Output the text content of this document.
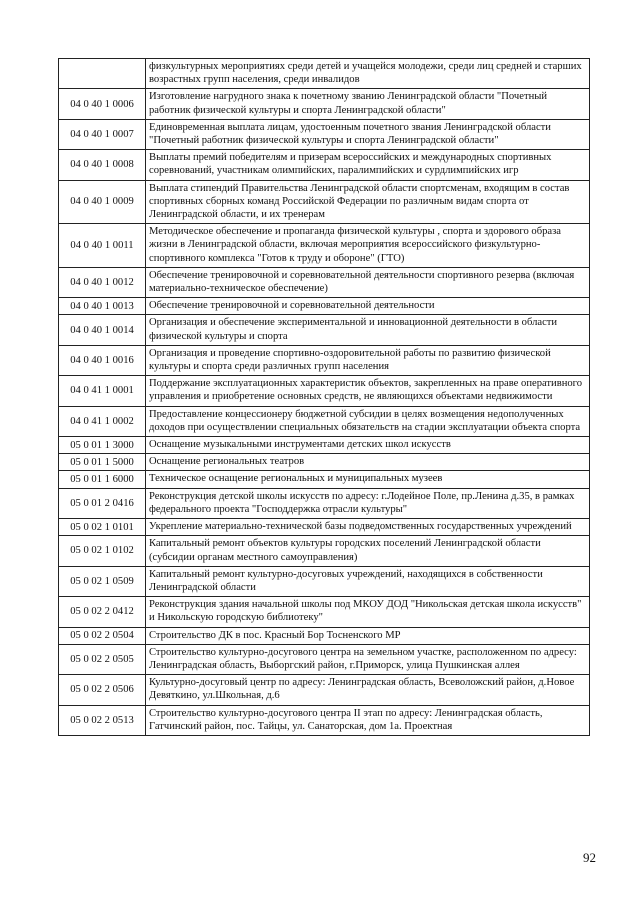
	физкультурных мероприятиях среди детей и учащейся молодежи, среди лиц средней и старших возрастных групп населения, среди инвалидов
04 0 40 1 0006	Изготовление нагрудного знака к почетному званию Ленинградской области "Почетный работник физической культуры и спорта Ленинградской области"
04 0 40 1 0007	Единовременная выплата лицам, удостоенным почетного звания Ленинградской области "Почетный работник физической культуры и спорта Ленинградской области"
04 0 40 1 0008	Выплаты премий победителям и призерам всероссийских и международных спортивных соревнований, участникам олимпийских, паралимпийских и сурдлимпийских игр
04 0 40 1 0009	Выплата стипендий Правительства Ленинградской области спортсменам, входящим в состав спортивных сборных команд Российской Федерации по различным видам спорта от Ленинградской области, и их тренерам
04 0 40 1 0011	Методическое обеспечение и пропаганда физической культуры , спорта и здорового образа жизни в Ленинградской области, включая мероприятия всероссийского физкультурно-спортивного комплекса "Готов к труду и обороне" (ГТО)
04 0 40 1 0012	Обеспечение тренировочной и соревновательной деятельности спортивного резерва (включая материально-техническое обеспечение)
04 0 40 1 0013	Обеспечение тренировочной и соревновательной деятельности
04 0 40 1 0014	Организация и обеспечение экспериментальной и инновационной деятельности в области физической культуры и спорта
04 0 40 1 0016	Организация и проведение спортивно-оздоровительной работы по развитию физической культуры и спорта среди различных групп населения
04 0 41 1 0001	Поддержание эксплуатационных характеристик объектов, закрепленных на праве оперативного управления и приобретение основных средств, не являющихся объектами недвижимости
04 0 41 1 0002	Предоставление концессионеру бюджетной субсидии в целях возмещения недополученных доходов при осуществлении специальных обязательств на стадии эксплуатации объекта спорта
05 0 01 1 3000	Оснащение музыкальными инструментами детских школ искусств
05 0 01 1 5000	Оснащение региональных театров
05 0 01 1 6000	Техническое оснащение региональных и муниципальных музеев
05 0 01 2 0416	Реконструкция детской школы искусств по адресу: г.Лодейное Поле, пр.Ленина д.35, в рамках федерального проекта "Господдержка отрасли культуры"
05 0 02 1 0101	Укрепление материально-технической базы подведомственных государственных учреждений
05 0 02 1 0102	Капитальный ремонт объектов культуры городских поселений Ленинградской области (субсидии органам местного самоуправления)
05 0 02 1 0509	Капитальный ремонт культурно-досуговых учреждений, находящихся в собственности Ленинградской области
05 0 02 2 0412	Реконструкция здания начальной школы под МКОУ ДОД "Никольская детская школа искусств" и Никольскую городскую библиотеку"
05 0 02 2 0504	Строительство ДК в пос. Красный Бор Тосненского МР
05 0 02 2 0505	Строительство культурно-досугового центра на земельном участке, расположенном по адресу: Ленинградская область, Выборгский район, г.Приморск, улица Пушкинская аллея
05 0 02 2 0506	Культурно-досуговый центр по адресу: Ленинградская область, Всеволожский район, д.Новое Девяткино, ул.Школьная, д.6
05 0 02 2 0513	Строительство культурно-досугового центра II этап по адресу: Ленинградская область, Гатчинский район, пос. Тайцы, ул. Санаторская, дом 1а. Проектная
92
